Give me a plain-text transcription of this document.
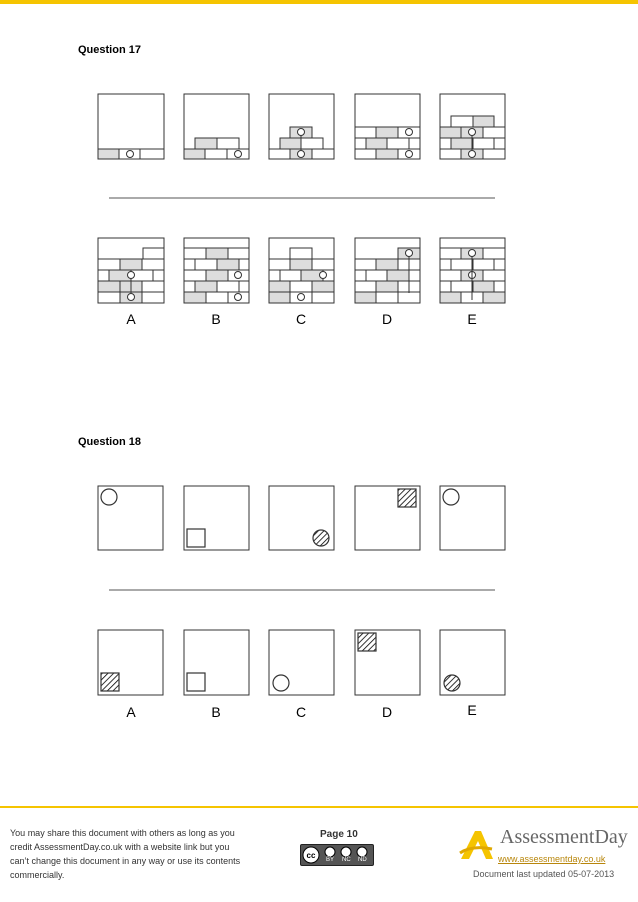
Question 17
Question 18
A	B	C	D	E
A	B	C	D	E
You may share this document with others as long as you credit AssessmentDay.co.uk with a website link but you can’t change this document in any way or use its contents commercially.
Page 10
cc BY NC ND
AssessmentDay
www.assessmentday.co.uk
Document last updated 05-07-2013
